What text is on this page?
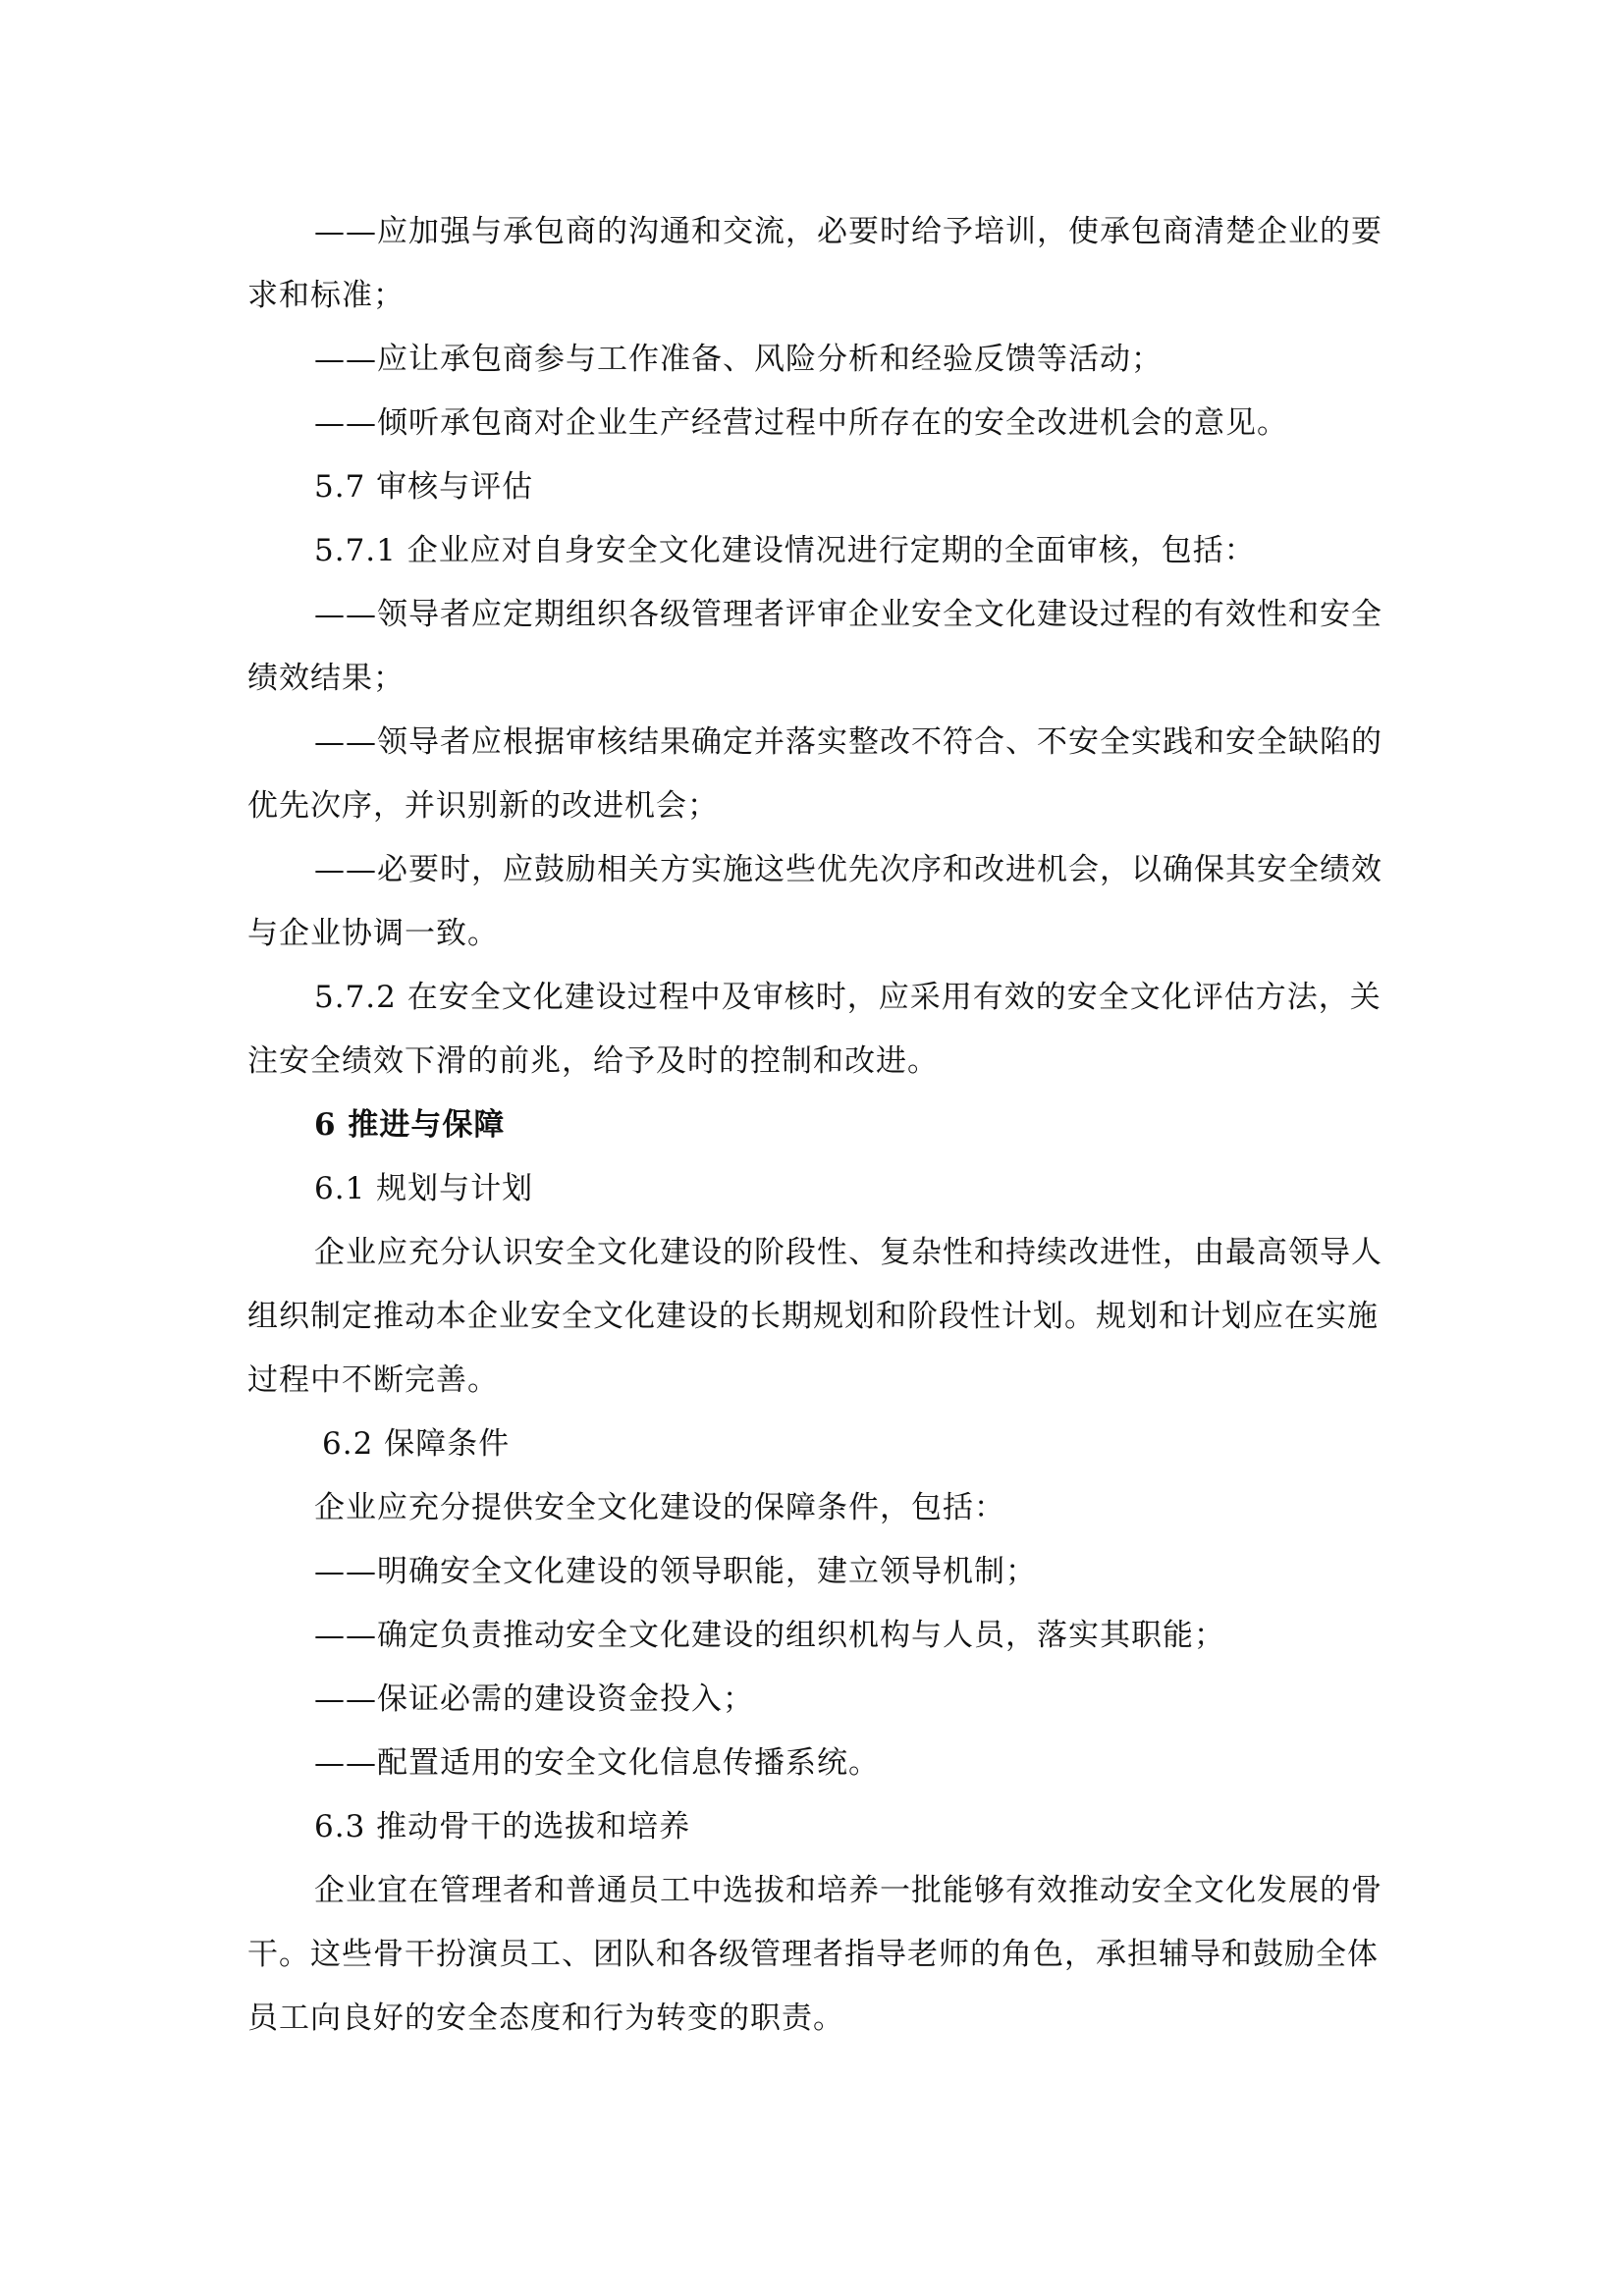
——应加强与承包商的沟通和交流，必要时给予培训，使承包商清楚企业的要求和标准；

——应让承包商参与工作准备、风险分析和经验反馈等活动；

——倾听承包商对企业生产经营过程中所存在的安全改进机会的意见。

5.7 审核与评估

5.7.1 企业应对自身安全文化建设情况进行定期的全面审核，包括：

——领导者应定期组织各级管理者评审企业安全文化建设过程的有效性和安全绩效结果；

——领导者应根据审核结果确定并落实整改不符合、不安全实践和安全缺陷的优先次序，并识别新的改进机会；

——必要时，应鼓励相关方实施这些优先次序和改进机会，以确保其安全绩效与企业协调一致。

5.7.2 在安全文化建设过程中及审核时，应采用有效的安全文化评估方法，关注安全绩效下滑的前兆，给予及时的控制和改进。

6 推进与保障

6.1 规划与计划

企业应充分认识安全文化建设的阶段性、复杂性和持续改进性，由最高领导人组织制定推动本企业安全文化建设的长期规划和阶段性计划。规划和计划应在实施过程中不断完善。

6.2 保障条件

企业应充分提供安全文化建设的保障条件，包括：

——明确安全文化建设的领导职能，建立领导机制；

——确定负责推动安全文化建设的组织机构与人员，落实其职能；

——保证必需的建设资金投入；

——配置适用的安全文化信息传播系统。

6.3 推动骨干的选拔和培养

企业宜在管理者和普通员工中选拔和培养一批能够有效推动安全文化发展的骨干。这些骨干扮演员工、团队和各级管理者指导老师的角色，承担辅导和鼓励全体员工向良好的安全态度和行为转变的职责。
